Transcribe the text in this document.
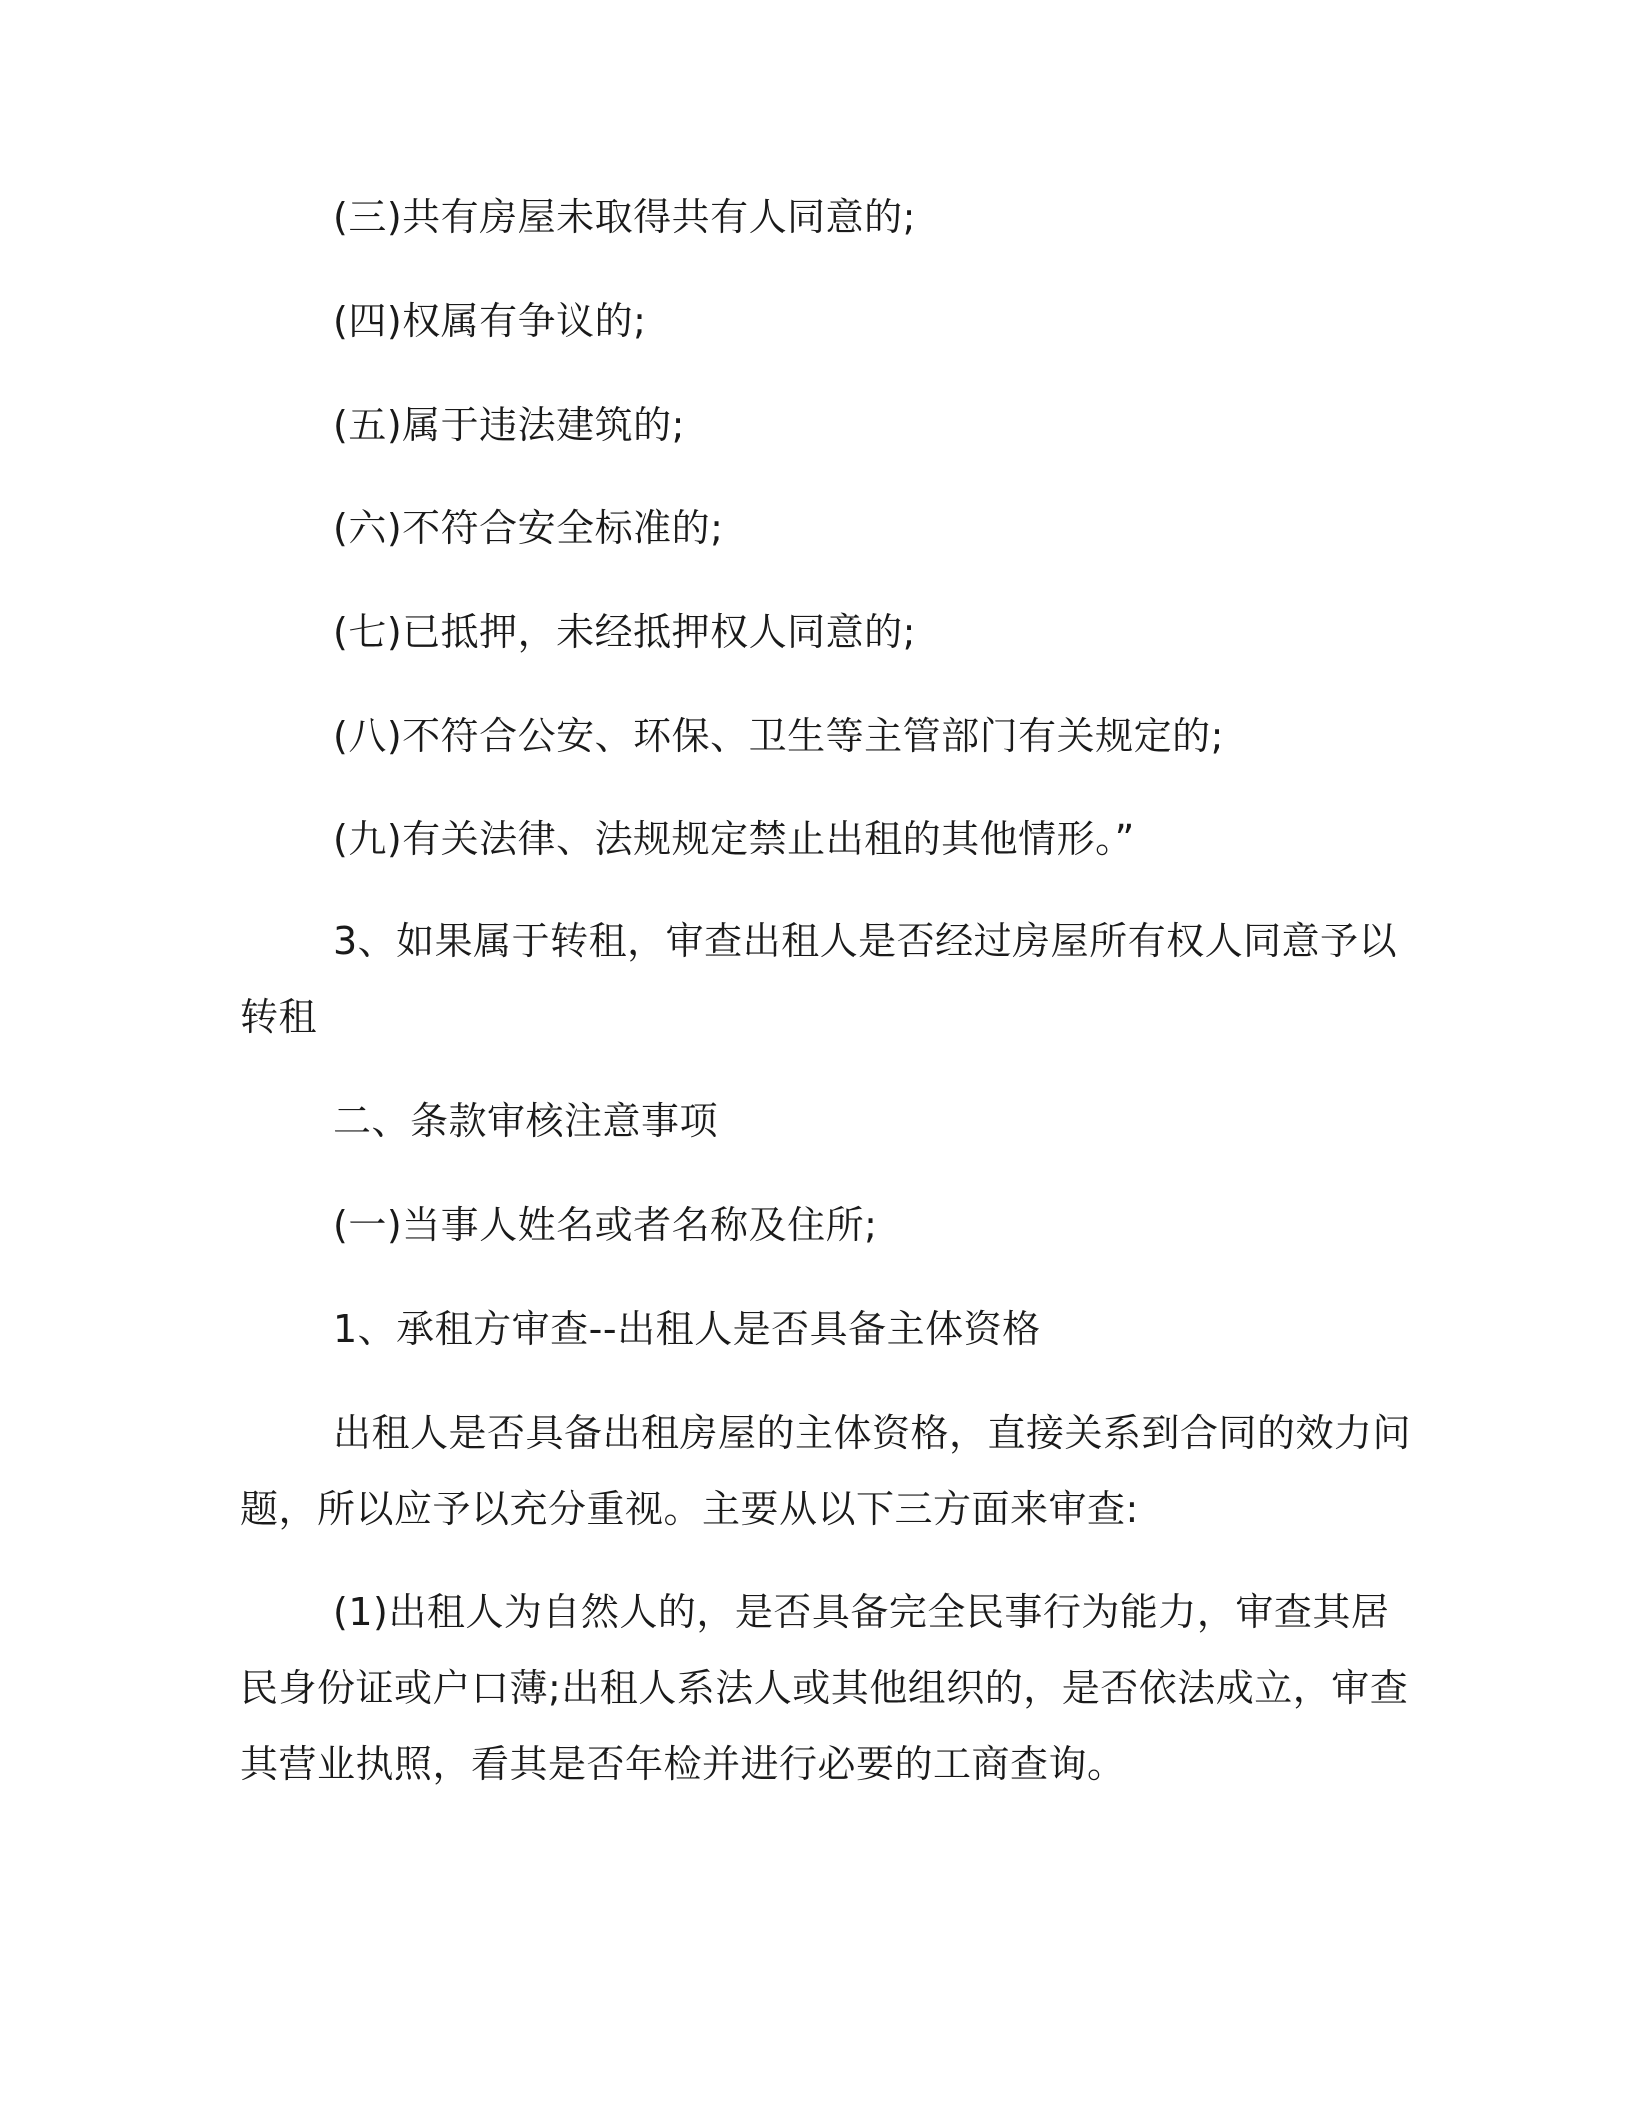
(三)共有房屋未取得共有人同意的;
(四)权属有争议的;
(五)属于违法建筑的;
(六)不符合安全标准的;
(七)已抵押，未经抵押权人同意的;
(八)不符合公安、环保、卫生等主管部门有关规定的;
(九)有关法律、法规规定禁止出租的其他情形。”
3、如果属于转租，审查出租人是否经过房屋所有权人同意予以
转租
二、条款审核注意事项
(一)当事人姓名或者名称及住所;
1、承租方审查--出租人是否具备主体资格
出租人是否具备出租房屋的主体资格，直接关系到合同的效力问
题，所以应予以充分重视。主要从以下三方面来审查:
(1)出租人为自然人的，是否具备完全民事行为能力，审查其居
民身份证或户口薄;出租人系法人或其他组织的，是否依法成立，审查
其营业执照，看其是否年检并进行必要的工商查询。
